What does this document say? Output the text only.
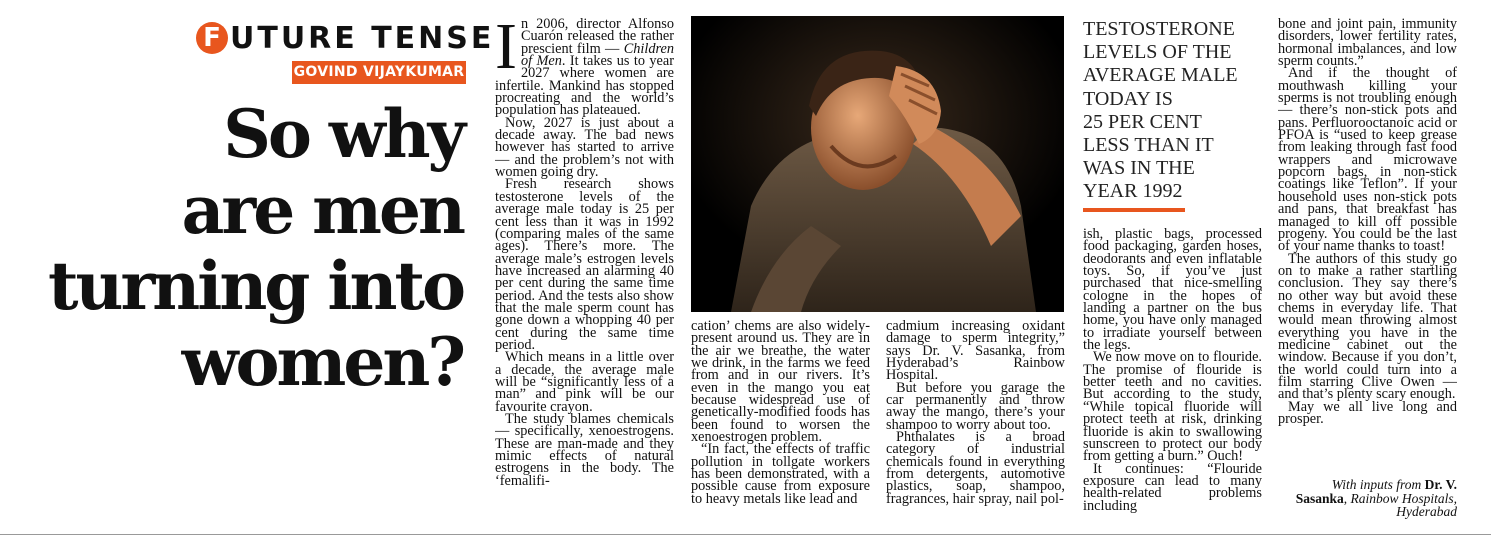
F UTURE TENSE
GOVIND VIJAYKUMAR
So why
are men
turning into
women?

In 2006, director Alfonso Cuarón released the rather prescient film — Children of Men. It takes us to year 2027 where women are infertile. Mankind has stopped procreating and the world’s population has plateaued.

Now, 2027 is just about a decade away. The bad news however has started to arrive — and the problem’s not with women going dry.

Fresh research shows testosterone levels of the average male today is 25 per cent less than it was in 1992 (comparing males of the same ages). There’s more. The average male’s estrogen levels have increased an alarming 40 per cent during the same time period. And the tests also show that the male sperm count has gone down a whopping 40 per cent during the same time period.

Which means in a little over a decade, the average male will be “significantly less of a man” and pink will be our favourite crayon.

The study blames chemicals — specifically, xenoestrogens. These are man-made and they mimic effects of natural estrogens in the body. The ‘femalifi-

cation’ chems are also widely-present around us. They are in the air we breathe, the water we drink, in the farms we feed from and in our rivers. It’s even in the mango you eat because widespread use of genetically-modified foods has been found to worsen the xenoestrogen problem.

“In fact, the effects of traffic pollution in tollgate workers has been demonstrated, with a possible cause from exposure to heavy metals like lead and

cadmium increasing oxidant damage to sperm integrity,” says Dr. V. Sasanka, from Hyderabad’s Rainbow Hospital.

But before you garage the car permanently and throw away the mango, there’s your shampoo to worry about too.

Phthalates is a broad category of industrial chemicals found in everything from detergents, automotive plastics, soap, shampoo, fragrances, hair spray, nail pol-

TESTOSTERONE
LEVELS OF THE
AVERAGE MALE
TODAY IS
25 PER CENT
LESS THAN IT
WAS IN THE
YEAR 1992

ish, plastic bags, processed food packaging, garden hoses, deodorants and even inflatable toys. So, if you’ve just purchased that nice-smelling cologne in the hopes of landing a partner on the bus home, you have only managed to irradiate yourself between the legs.

We now move on to flouride. The promise of flouride is better teeth and no cavities. But according to the study, “While topical fluoride will protect teeth at risk, drinking fluoride is akin to swallowing sunscreen to protect our body from getting a burn.” Ouch!

It continues: “Flouride exposure can lead to many health-related problems including

bone and joint pain, immunity disorders, lower fertility rates, hormonal imbalances, and low sperm counts.”

And if the thought of mouthwash killing your sperms is not troubling enough — there’s non-stick pots and pans. Perfluorooctanoic acid or PFOA is “used to keep grease from leaking through fast food wrappers and microwave popcorn bags, in non-stick coatings like Teflon”. If your household uses non-stick pots and pans, that breakfast has managed to kill off possible progeny. You could be the last of your name thanks to toast!

The authors of this study go on to make a rather startling conclusion. They say there’s no other way but avoid these chems in everyday life. That would mean throwing almost everything you have in the medicine cabinet out the window. Because if you don’t, the world could turn into a film starring Clive Owen — and that’s plenty scary enough.

May we all live long and prosper.

With inputs from Dr. V. Sasanka, Rainbow Hospitals, Hyderabad
